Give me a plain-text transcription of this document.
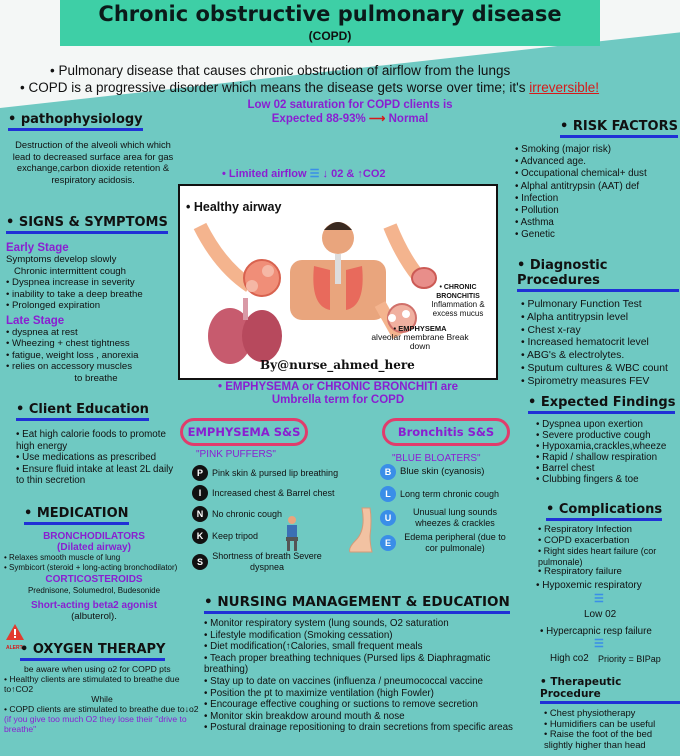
Chronic obstructive pulmonary disease
(COPD)
• Pulmonary disease that causes chronic obstruction of airflow from the lungs
• COPD is a progressive disorder which means the disease gets worse over time; it's irreversible!
Low 02 saturation for COPD clients is
Expected 88-93% ⟶ Normal
• pathophysiology
Destruction of the alveoli which which lead to decreased surface area for gas exchange,carbon dioxide retention & respiratory acidosis.
• SIGNS & SYMPTOMS
Early Stage
Symptoms develop slowly
Chronic intermittent cough
• Dyspnea increase in severity
• inability to take a deep breathe
• Prolonged expiration
Late Stage
• dyspnea at rest
• Wheezing + chest tightness
• fatigue, weight loss , anorexia
• relies on accessory muscles
to breathe
• Client Education
• Eat high calorie foods to promote high energy
• Use medications as prescribed
• Ensure fluid intake at least 2L daily to thin secretion
• MEDICATION
BRONCHODILATORS
(Dilated airway)
• Relaxes smooth muscle of lung
• Symbicort (steroid + long-acting bronchodilator)
CORTICOSTEROIDS
Prednisone, Solumedrol, Budesonide
Short-acting beta2 agonist
(albuterol).
ALERT
• OXYGEN THERAPY
be aware when using o2 for COPD pts
• Healthy clients are stimulated to breathe due to↑CO2
While
• COPD clients are stimulated to breathe due to↓o2
(if you give too much O2 they lose their "drive to breathe"
• Limited airflow ☰ ↓ 02 & ↑CO2
• Healthy airway
• CHRONIC BRONCHITIS
Inflammation & excess mucus
• EMPHYSEMA
alveolar membrane Break down
By@nurse_ahmed_here
• EMPHYSEMA or CHRONIC BRONCHITI are
Umbrella term for COPD
EMPHYSEMA S&S
"PINK PUFFERS"
P	Pink skin & pursed lip breathing
I	Increased chest & Barrel chest
N No chronic cough
K Keep tripod
S
Shortness of breath Severe dyspnea
Bronchitis S&S
"BLUE BLOATERS"
B Blue skin (cyanosis)
L	Long term chronic cough
U
Unusual lung sounds wheezes & crackles
E
Edema peripheral (due to cor pulmonale)
• NURSING MANAGEMENT & EDUCATION
• Monitor respiratory system (lung sounds, O2 saturation
• Lifestyle modification (Smoking cessation)
• Diet modification(↑Calories, small frequent meals
• Teach proper breathing techniques (Pursed lips & Diaphragmatic breathing)
• Stay up to date on vaccines (influenza / pneumococcal vaccine
• Position the pt to maximize ventilation (high Fowler)
• Encourage effective coughing or suctions to remove secretion
• Monitor skin breakdow around mouth & nose
• Postural drainage repositioning to drain secretions from specific areas
• RISK FACTORS
• Smoking (major risk)
• Advanced age.
• Occupational chemical+ dust
• Alphal antitrypsin (AAT) def
• Infection
• Pollution
• Asthma
• Genetic
• Diagnostic Procedures
• Pulmonary Function Test
• Alpha antitrypsin level
• Chest x-ray
• Increased hematocrit level
• ABG's & electrolytes.
• Sputum cultures & WBC count
• Spirometry measures FEV
• Expected Findings
• Dyspnea upon exertion
• Severe productive cough
• Hypoxamia,crackles,wheeze
• Rapid / shallow respiration
• Barrel chest
• Clubbing fingers & toe
• Complications
• Respiratory Infection
• COPD exacerbation
• Right sides heart failure (cor pulmonale)
• Respiratory failure
• Hypoxemic respiratory
☰
Low 02
• Hypercapnic resp failure
☰
High co2 Priority = BIPap
• Therapeutic Procedure
• Chest physiotherapy
• Humidifiers can be useful
• Raise the foot of the bed slightly higher than head
